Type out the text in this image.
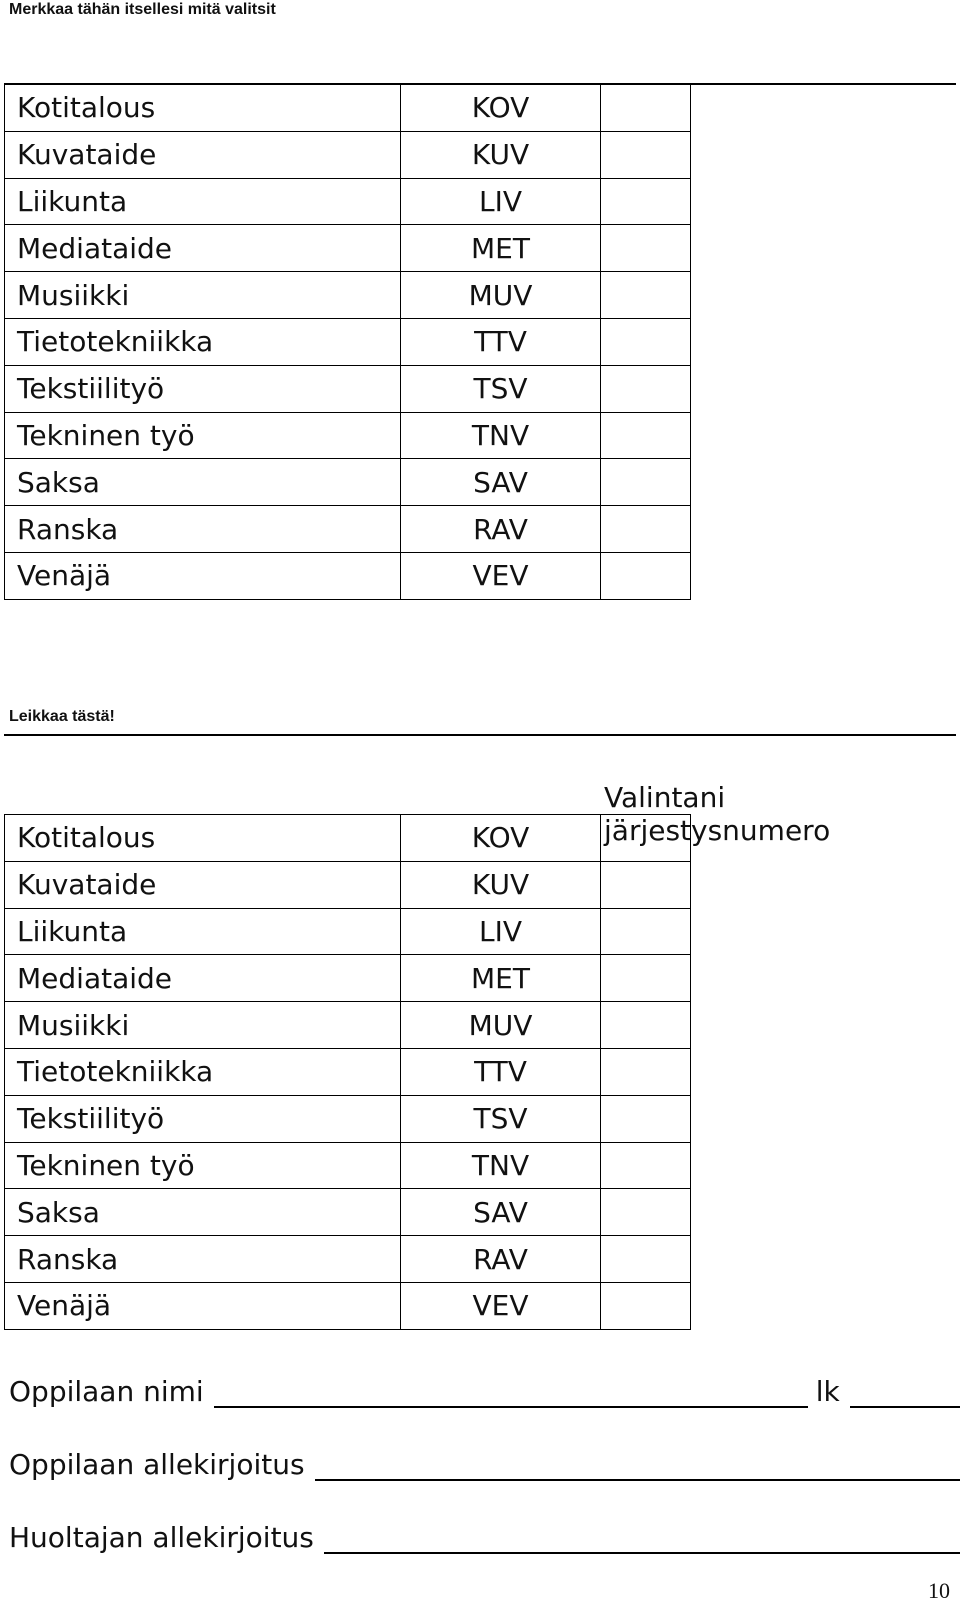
Merkkaa tähän itsellesi mitä valitsit
Kotitalous	KOV	
Kuvataide	KUV	
Liikunta	LIV	
Mediataide	MET	
Musiikki	MUV	
Tietotekniikka	TTV	
Tekstiilityö	TSV	
Tekninen työ	TNV	
Saksa	SAV	
Ranska	RAV	
Venäjä	VEV	
Leikkaa tästä!
Valintani järjestysnumero
Kotitalous	KOV	
Kuvataide	KUV	
Liikunta	LIV	
Mediataide	MET	
Musiikki	MUV	
Tietotekniikka	TTV	
Tekstiilityö	TSV	
Tekninen työ	TNV	
Saksa	SAV	
Ranska	RAV	
Venäjä	VEV	
Oppilaan nimi	lk
Oppilaan allekirjoitus
Huoltajan allekirjoitus
10
